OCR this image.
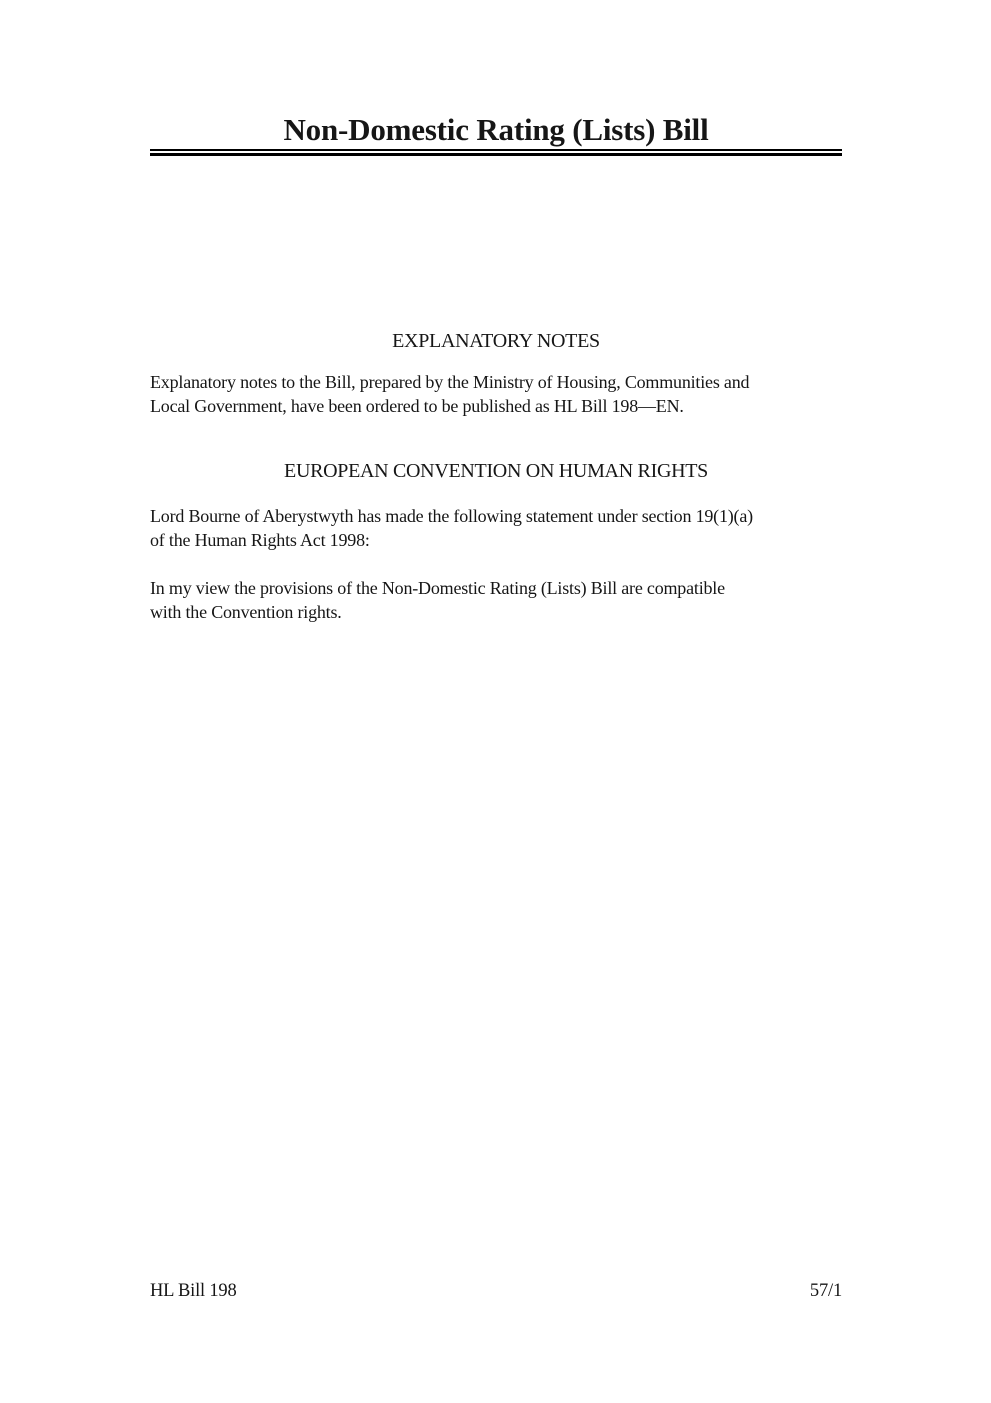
Non-Domestic Rating (Lists) Bill
EXPLANATORY NOTES
Explanatory notes to the Bill, prepared by the Ministry of Housing, Communities and
Local Government, have been ordered to be published as HL Bill 198—EN.
EUROPEAN CONVENTION ON HUMAN RIGHTS
Lord Bourne of Aberystwyth has made the following statement under section 19(1)(a)
of the Human Rights Act 1998:
In my view the provisions of the Non-Domestic Rating (Lists) Bill are compatible
with the Convention rights.
HL Bill 198	57/1
